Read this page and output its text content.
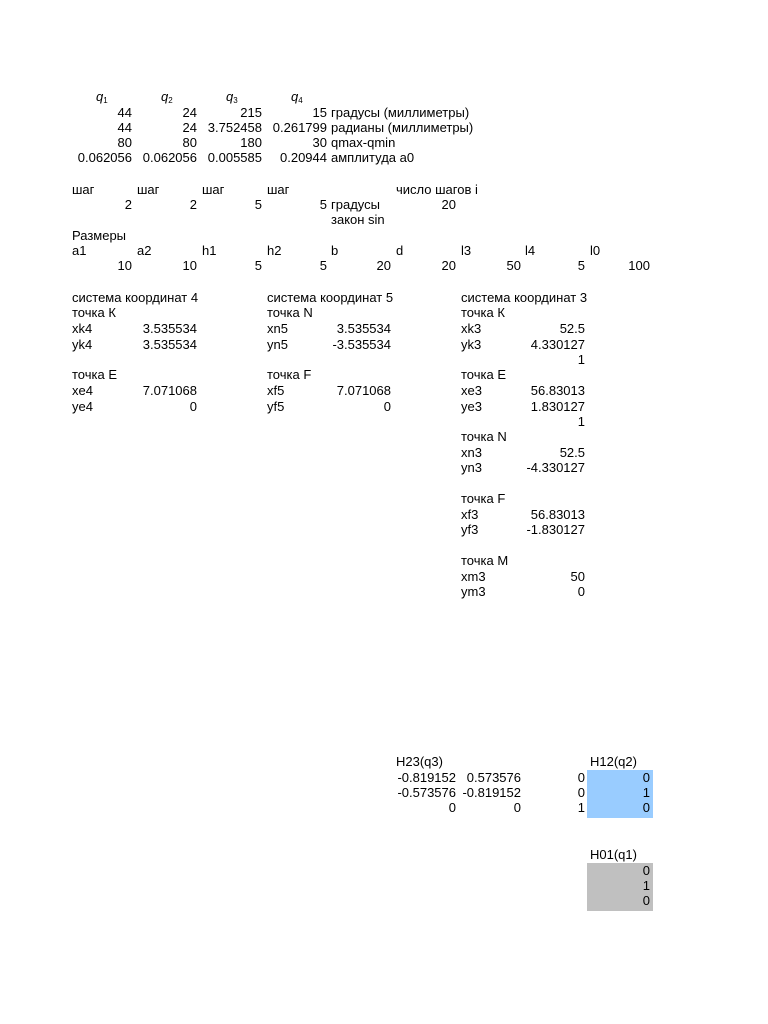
$q_1$	$q_2$	$q_3$	$q_4$
44	24	215	15 градусы (миллиметры)
44	24 3.752458 0.261799 радианы (миллиметры)
80	80	180	30 qmax-qmin
0.062056 0.062056 0.005585	0.20944 амплитуда a0
шаг	шаг	шаг	шаг	число шагов i
2	2	5	5 градусы	20
закон sin
Размеры
a1	a2	h1	h2	b	d	l3	l4	l0
10	10	5	5	20	20	50	5	100
система координат 4
точка К
xk4	3.535534
yk4	3.535534
точка E
xe4	7.071068
ye4	0
система координат 5
точка N
xn5	3.535534
yn5	-3.535534
точка F
xf5	7.071068
yf5	0
система координат 3
точка К
xk3	52.5
yk3	4.330127
1
точка E
xe3	56.83013
ye3	1.830127
1
точка N
xn3	52.5
yn3	-4.330127
точка F
xf3	56.83013
yf3	-1.830127
точка M
xm3	50
ym3	0
H23(q3)
-0.819152 0.573576	0
-0.573576 -0.819152	0
0	0	1
H12(q2)
0
1
0
H01(q1)
0
1
0
